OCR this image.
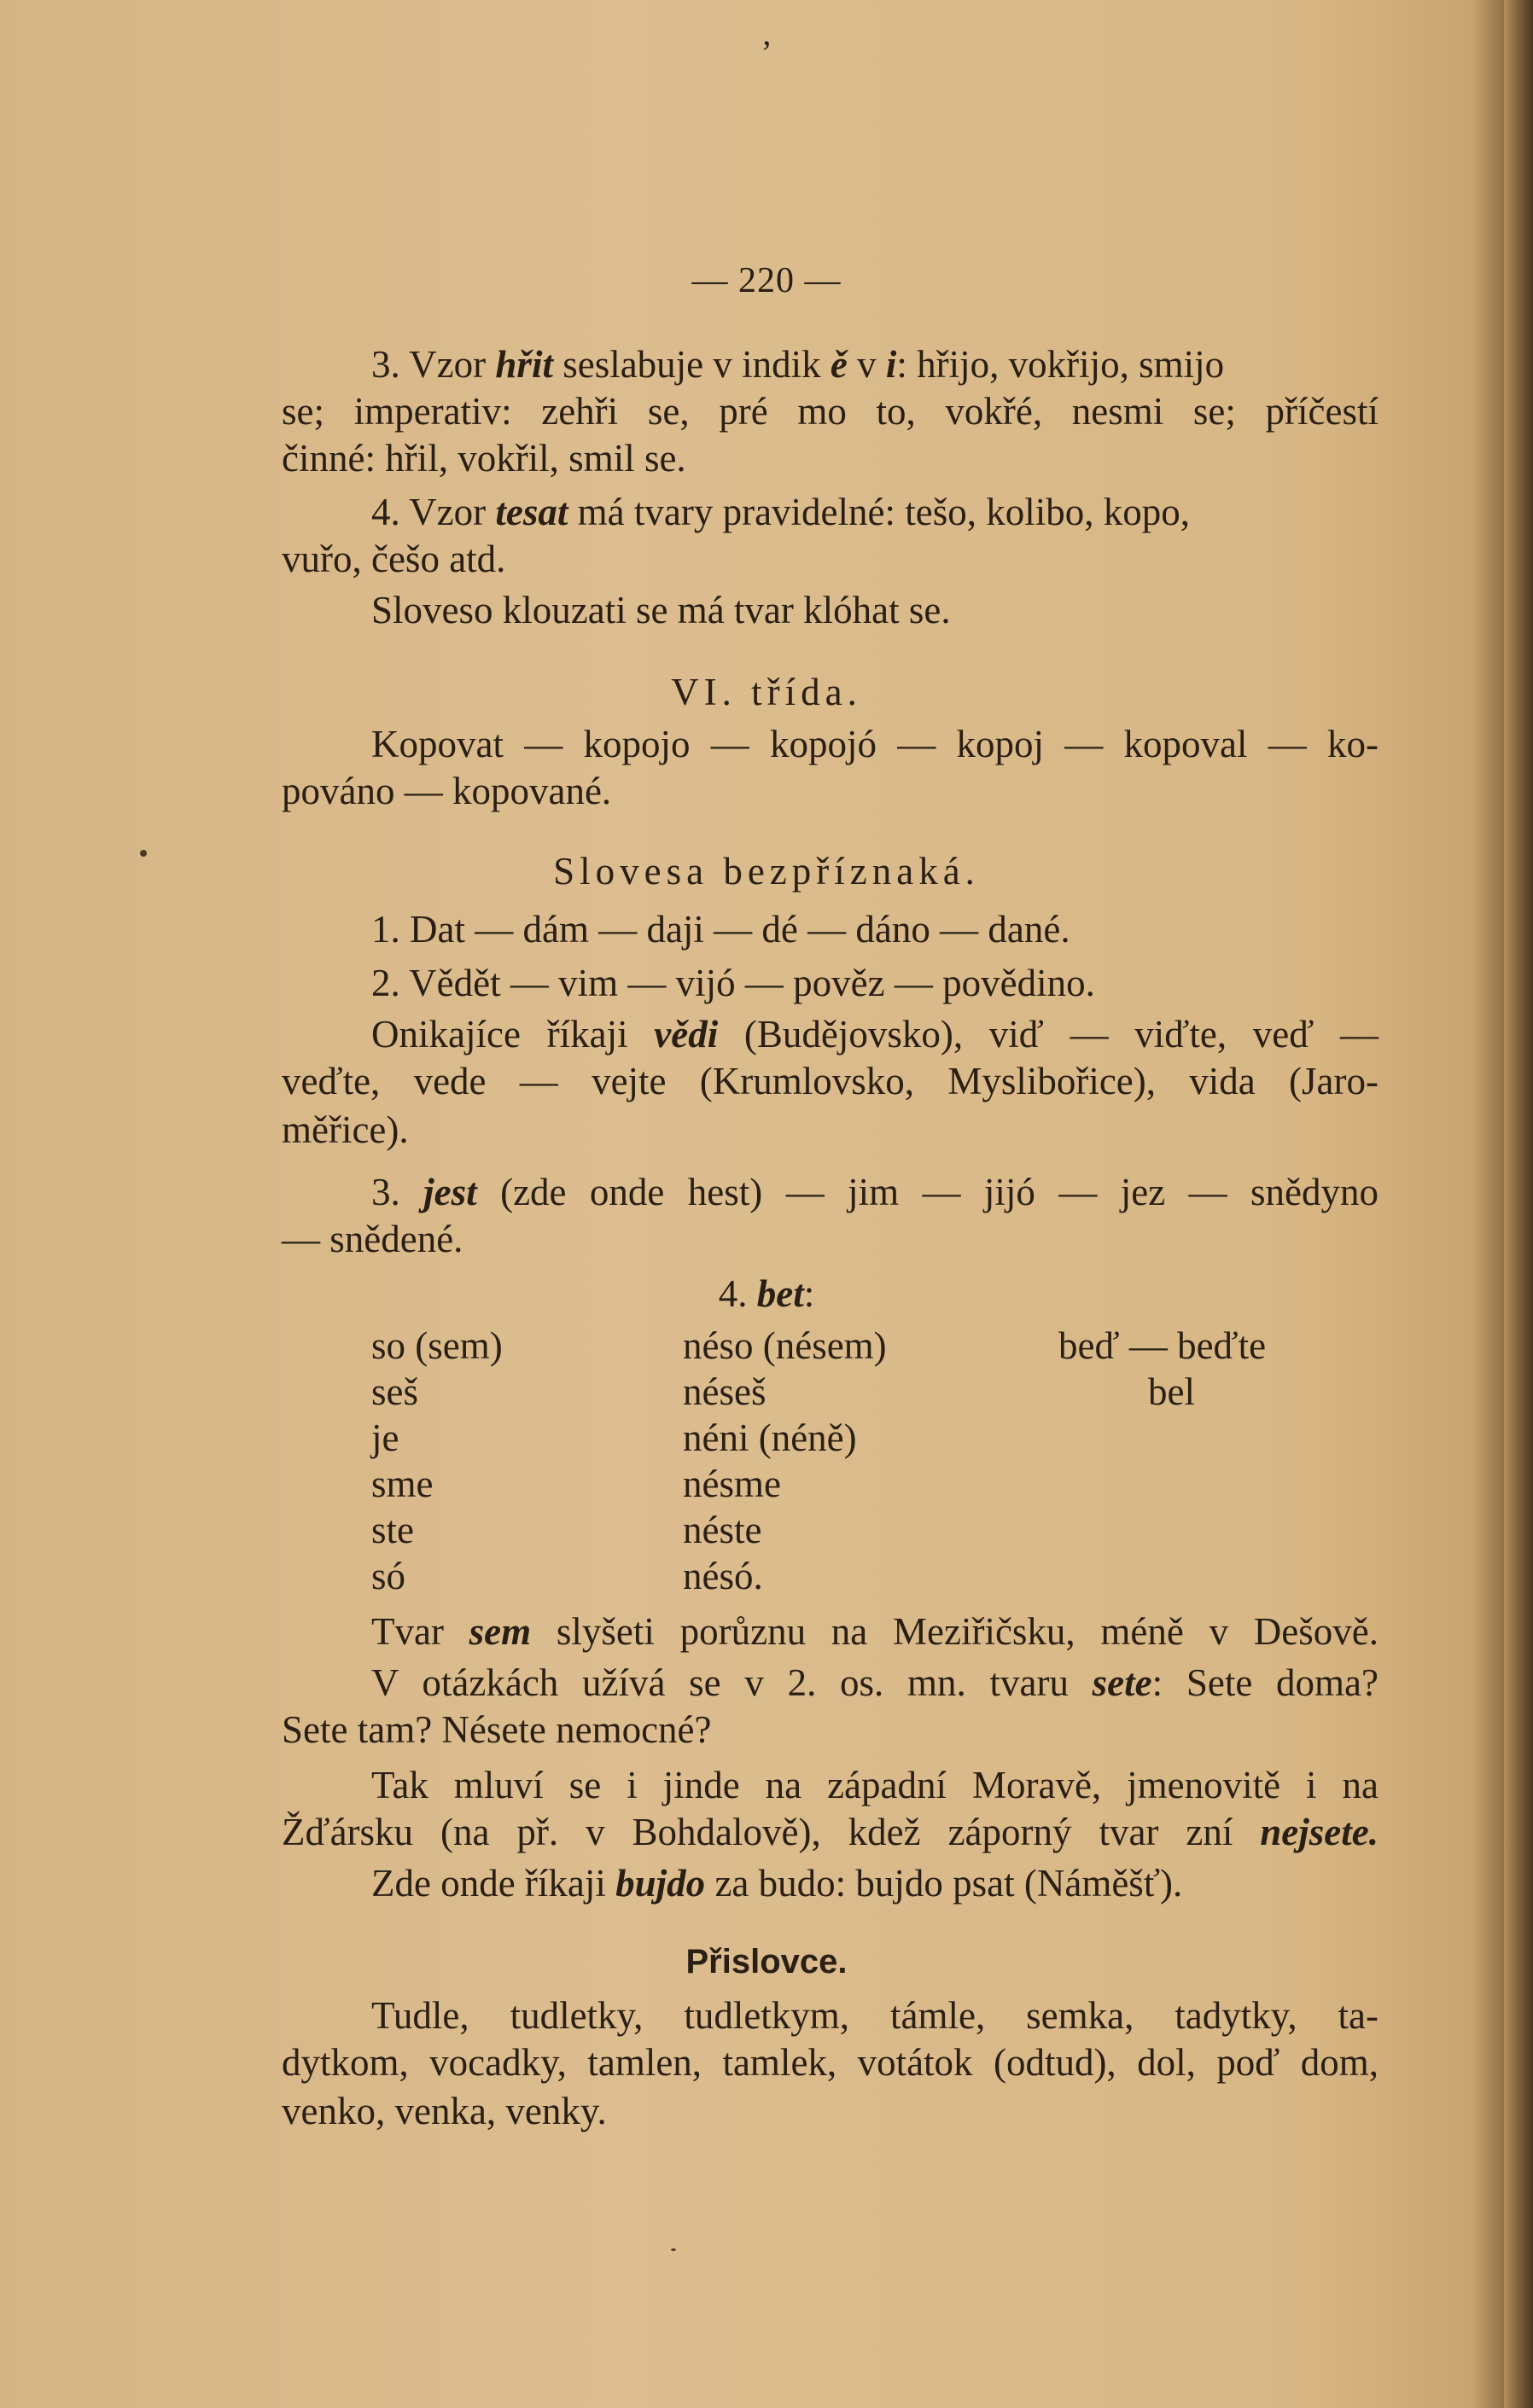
’
— 220 —
3. Vzor hřit seslabuje v indik ě v i: hřijo, vokřijo, smijo
se; imperativ: zehři se, pré mo to, vokřé, nesmi se; příčestí
činné: hřil, vokřil, smil se.
4. Vzor tesat má tvary pravidelné: tešo, kolibo, kopo,
vuřo, češo atd.
Sloveso klouzati se má tvar klóhat se.
VI. třída.
Kopovat — kopojo — kopojó — kopoj — kopoval — ko-
pováno — kopované.
Slovesa bezpříznaká.
1. Dat — dám — daji — dé — dáno — dané.
2. Vědět — vim — vijó — pověz — povědino.
Onikajíce říkaji vědi (Budějovsko), viď — viďte, veď —
veďte, vede — vejte (Krumlovsko, Myslibořice), vida (Jaro-
měřice).
3. jest (zde onde hest) — jim — jijó — jez — snědyno
— snědené.
4. bet:
so (sem)
seš
je
sme
ste
só
néso (nésem)
néseš
néni (néně)
nésme
néste
nésó.
beď — beďte
bel
Tvar sem slyšeti porůznu na Meziřičsku, méně v Dešově.
V otázkách užívá se v 2. os. mn. tvaru sete: Sete doma?
Sete tam? Nésete nemocné?
Tak mluví se i jinde na západní Moravě, jmenovitě i na
Žďársku (na př. v Bohdalově), kdež záporný tvar zní nejsete.
Zde onde říkaji bujdo za budo: bujdo psat (Náměšť).
Přislovce.
Tudle, tudletky, tudletkym, támle, semka, tadytky, ta-
dytkom, vocadky, tamlen, tamlek, votátok (odtud), dol, poď dom,
venko, venka, venky.
